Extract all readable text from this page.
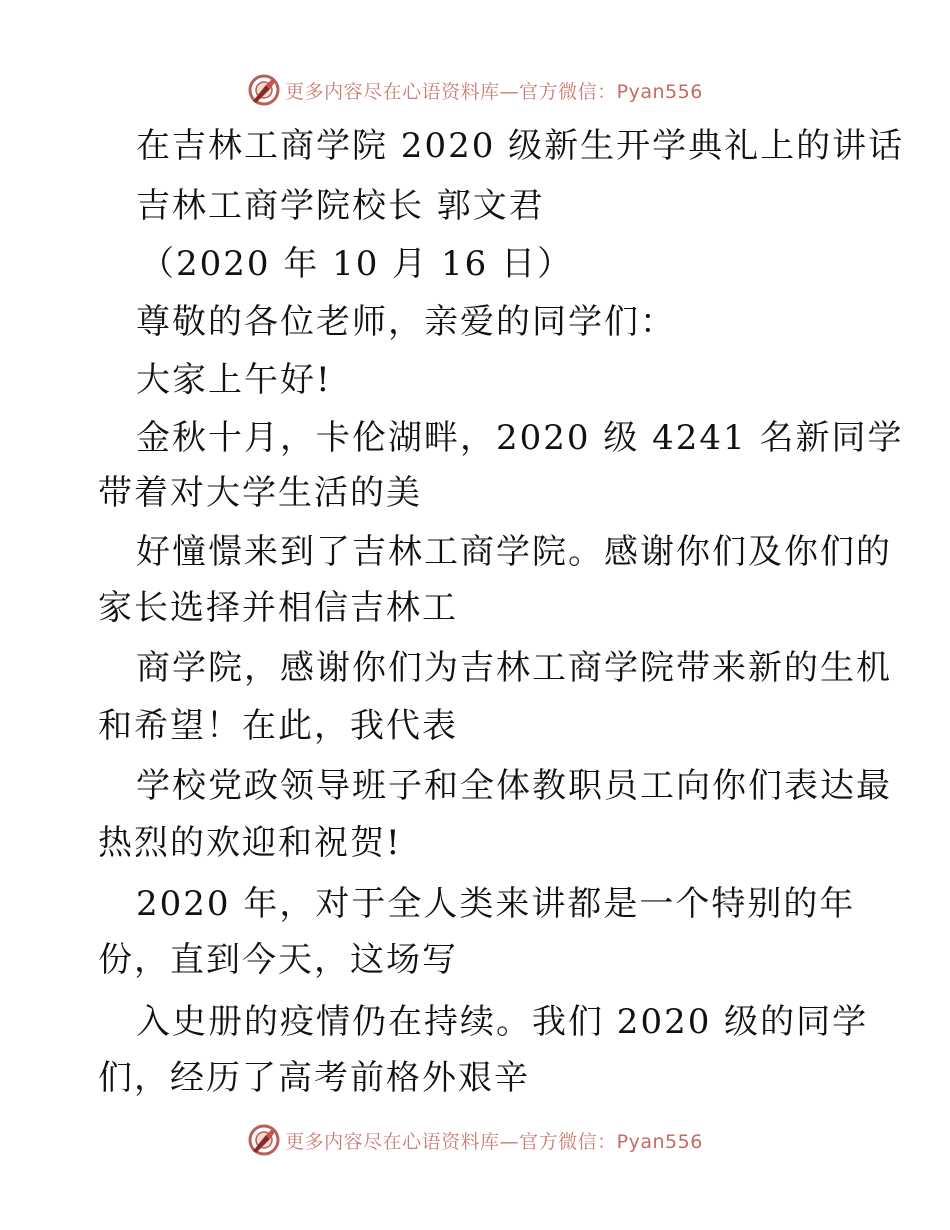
更多内容尽在心语资料库—官方微信：Pyan556
在吉林工商学院 2020 级新生开学典礼上的讲话
吉林工商学院校长 郭文君
（2020 年 10 月 16 日）
尊敬的各位老师，亲爱的同学们：
大家上午好!
金秋十月，卡伦湖畔，2020 级 4241 名新同学
带着对大学生活的美
好憧憬来到了吉林工商学院。感谢你们及你们的
家长选择并相信吉林工
商学院，感谢你们为吉林工商学院带来新的生机
和希望！在此，我代表
学校党政领导班子和全体教职员工向你们表达最
热烈的欢迎和祝贺!
2020 年，对于全人类来讲都是一个特别的年
份，直到今天，这场写
入史册的疫情仍在持续。我们 2020 级的同学
们，经历了高考前格外艰辛
更多内容尽在心语资料库—官方微信：Pyan556
